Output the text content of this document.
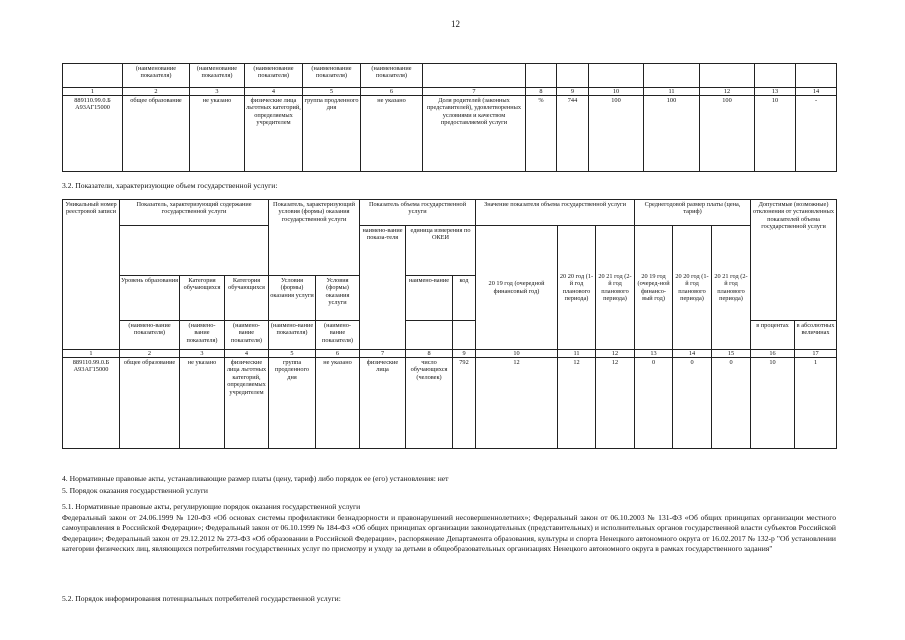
12
	(наименование показателя)	(наименование показателя)	(наименование показателя)	(наименование показателя)	(наименование показателя)								
1	2	3	4	5	6	7	8	9	10	11	12	13	14
889110.99.0.Б А93АГ15000	общее образование	не указано	физические лица льготных категорий, определяемых учредителем	группа продленного дня	не указано	Доля родителей (законных представителей), удовлетворенных условиями и качеством предоставляемой услуги	%	744	100	100	100	10	-
3.2. Показатели, характеризующие объем государственной услуги:
Уникальный номер реестровой записи	Показатель, характеризующий содержание государственной услуги			Показатель, характеризующий условия (формы) оказания государственной услуги		Показатель объема государственной услуги			Значение показателя объема государственной услуги			Среднегодовой размер платы (цена, тариф)			Допустимые (возможные) отклонения от установленных показателей объема государственной услуги	
						наимено-вание показа-теля	единица измерения по ОКЕИ		20 19 год (очередной финансовый год)	20 20 год (1-й год планового периода)	20 21 год (2-й год планового периода)	20 19 год (очеред-ной финансо-вый год)	20 20 год (1-й год планового периода)	20 21 год (2-й год планового периода)		
	Уровень образования	Категория обучающихся	Категория обучающихся	Условия (формы) оказания услуги	Условия (формы) оказания услуги		наимено-вание	код								
	(наимено-вание показателя)	(наимено-вание показателя)	(наимено-вание показателя)	(наимено-вание показателя)	(наимено-вание показателя)										в процентах	в абсолютных величинах
1	2	3	4	5	6	7	8	9	10	11	12	13	14	15	16	17
889110.99.0.Б А93АГ15000	общее образование	не указано	физические лица льготных категорий, определяемых учредителем	группа продленного дня	не указано	физические лица	число обучающихся (человек)	792	12	12	12	0	0	0	10	1
4. Нормативные правовые акты, устанавливающие размер платы (цену, тариф) либо порядок ее (его) установления: нет
5. Порядок оказания государственной услуги
5.1. Нормативные правовые акты, регулирующие порядок оказания государственной услуги
Федеральный закон от 24.06.1999 № 120-ФЗ «Об основах системы профилактики безнадзорности и правонарушений несовершеннолетних»; Федеральный закон от 06.10.2003 № 131-ФЗ «Об общих принципах организации местного самоуправления в Российской Федерации»; Федеральный закон от 06.10.1999 № 184-ФЗ «Об общих принципах организации законодательных (представительных) и исполнительных органов государственной власти субъектов Российской Федерации»; Федеральный закон от 29.12.2012 № 273-ФЗ «Об образовании в Российской Федерации», распоряжение Департамента образования, культуры и спорта Ненецкого автономного округа от 16.02.2017 № 132-р "Об установлении категории физических лиц, являющихся потребителями государственных услуг по присмотру и уходу за детьми в общеобразовательных организациях Ненецкого автономного округа в рамках государственного задания"
5.2. Порядок информирования потенциальных потребителей государственной услуги:
